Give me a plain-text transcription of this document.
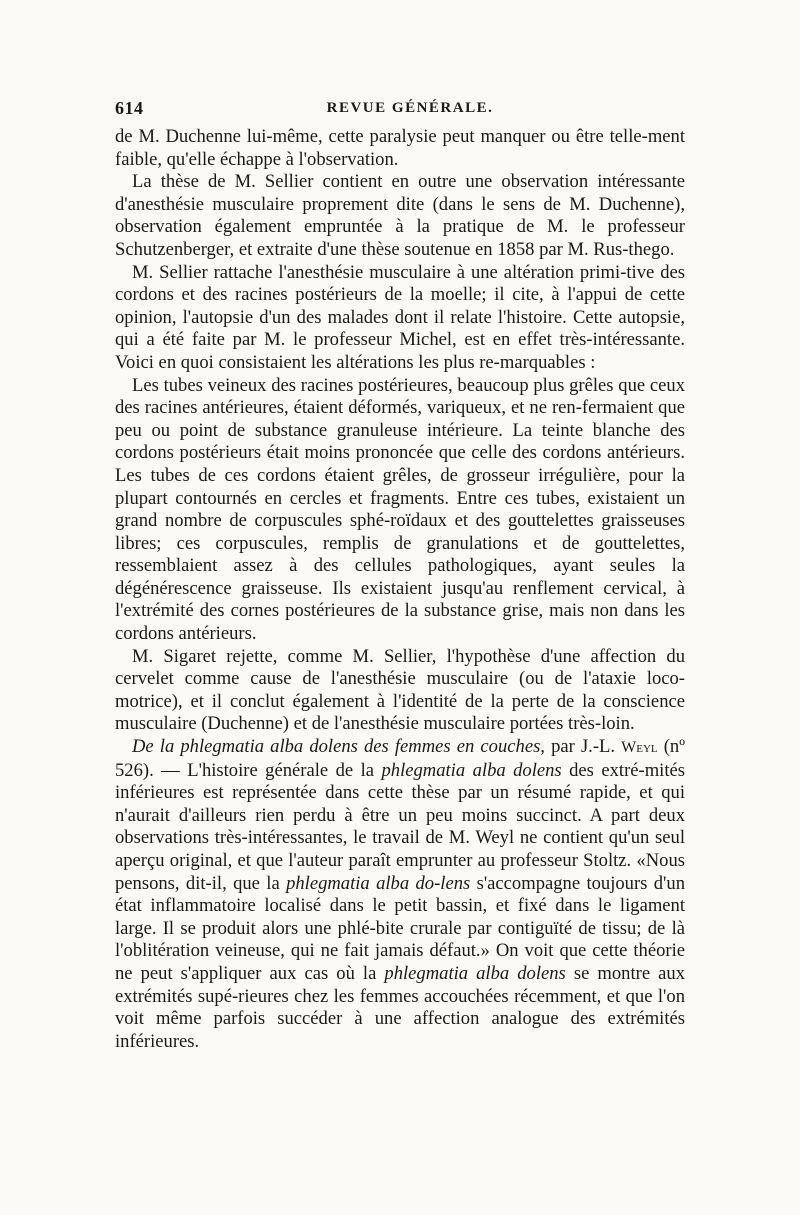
614	REVUE GÉNÉRALE.

de M. Duchenne lui-même, cette paralysie peut manquer ou être telle-ment faible, qu'elle échappe à l'observation.

La thèse de M. Sellier contient en outre une observation intéressante d'anesthésie musculaire proprement dite (dans le sens de M. Duchenne), observation également empruntée à la pratique de M. le professeur Schutzenberger, et extraite d'une thèse soutenue en 1858 par M. Rus-thego.

M. Sellier rattache l'anesthésie musculaire à une altération primi-tive des cordons et des racines postérieurs de la moelle; il cite, à l'appui de cette opinion, l'autopsie d'un des malades dont il relate l'histoire. Cette autopsie, qui a été faite par M. le professeur Michel, est en effet très-intéressante. Voici en quoi consistaient les altérations les plus re-marquables :

Les tubes veineux des racines postérieures, beaucoup plus grêles que ceux des racines antérieures, étaient déformés, variqueux, et ne ren-fermaient que peu ou point de substance granuleuse intérieure. La teinte blanche des cordons postérieurs était moins prononcée que celle des cordons antérieurs. Les tubes de ces cordons étaient grêles, de grosseur irrégulière, pour la plupart contournés en cercles et fragments. Entre ces tubes, existaient un grand nombre de corpuscules sphé-roïdaux et des gouttelettes graisseuses libres; ces corpuscules, remplis de granulations et de gouttelettes, ressemblaient assez à des cellules pathologiques, ayant seules la dégénérescence graisseuse. Ils existaient jusqu'au renflement cervical, à l'extrémité des cornes postérieures de la substance grise, mais non dans les cordons antérieurs.

M. Sigaret rejette, comme M. Sellier, l'hypothèse d'une affection du cervelet comme cause de l'anesthésie musculaire (ou de l'ataxie loco-motrice), et il conclut également à l'identité de la perte de la conscience musculaire (Duchenne) et de l'anesthésie musculaire portées très-loin.

De la phlegmatia alba dolens des femmes en couches, par J.-L. Weyl (nº 526). — L'histoire générale de la phlegmatia alba dolens des extré-mités inférieures est représentée dans cette thèse par un résumé rapide, et qui n'aurait d'ailleurs rien perdu à être un peu moins succinct. A part deux observations très-intéressantes, le travail de M. Weyl ne contient qu'un seul aperçu original, et que l'auteur paraît emprunter au professeur Stoltz. «Nous pensons, dit-il, que la phlegmatia alba do-lens s'accompagne toujours d'un état inflammatoire localisé dans le petit bassin, et fixé dans le ligament large. Il se produit alors une phlé-bite crurale par contiguïté de tissu; de là l'oblitération veineuse, qui ne fait jamais défaut.» On voit que cette théorie ne peut s'appliquer aux cas où la phlegmatia alba dolens se montre aux extrémités supé-rieures chez les femmes accouchées récemment, et que l'on voit même parfois succéder à une affection analogue des extrémités inférieures.
